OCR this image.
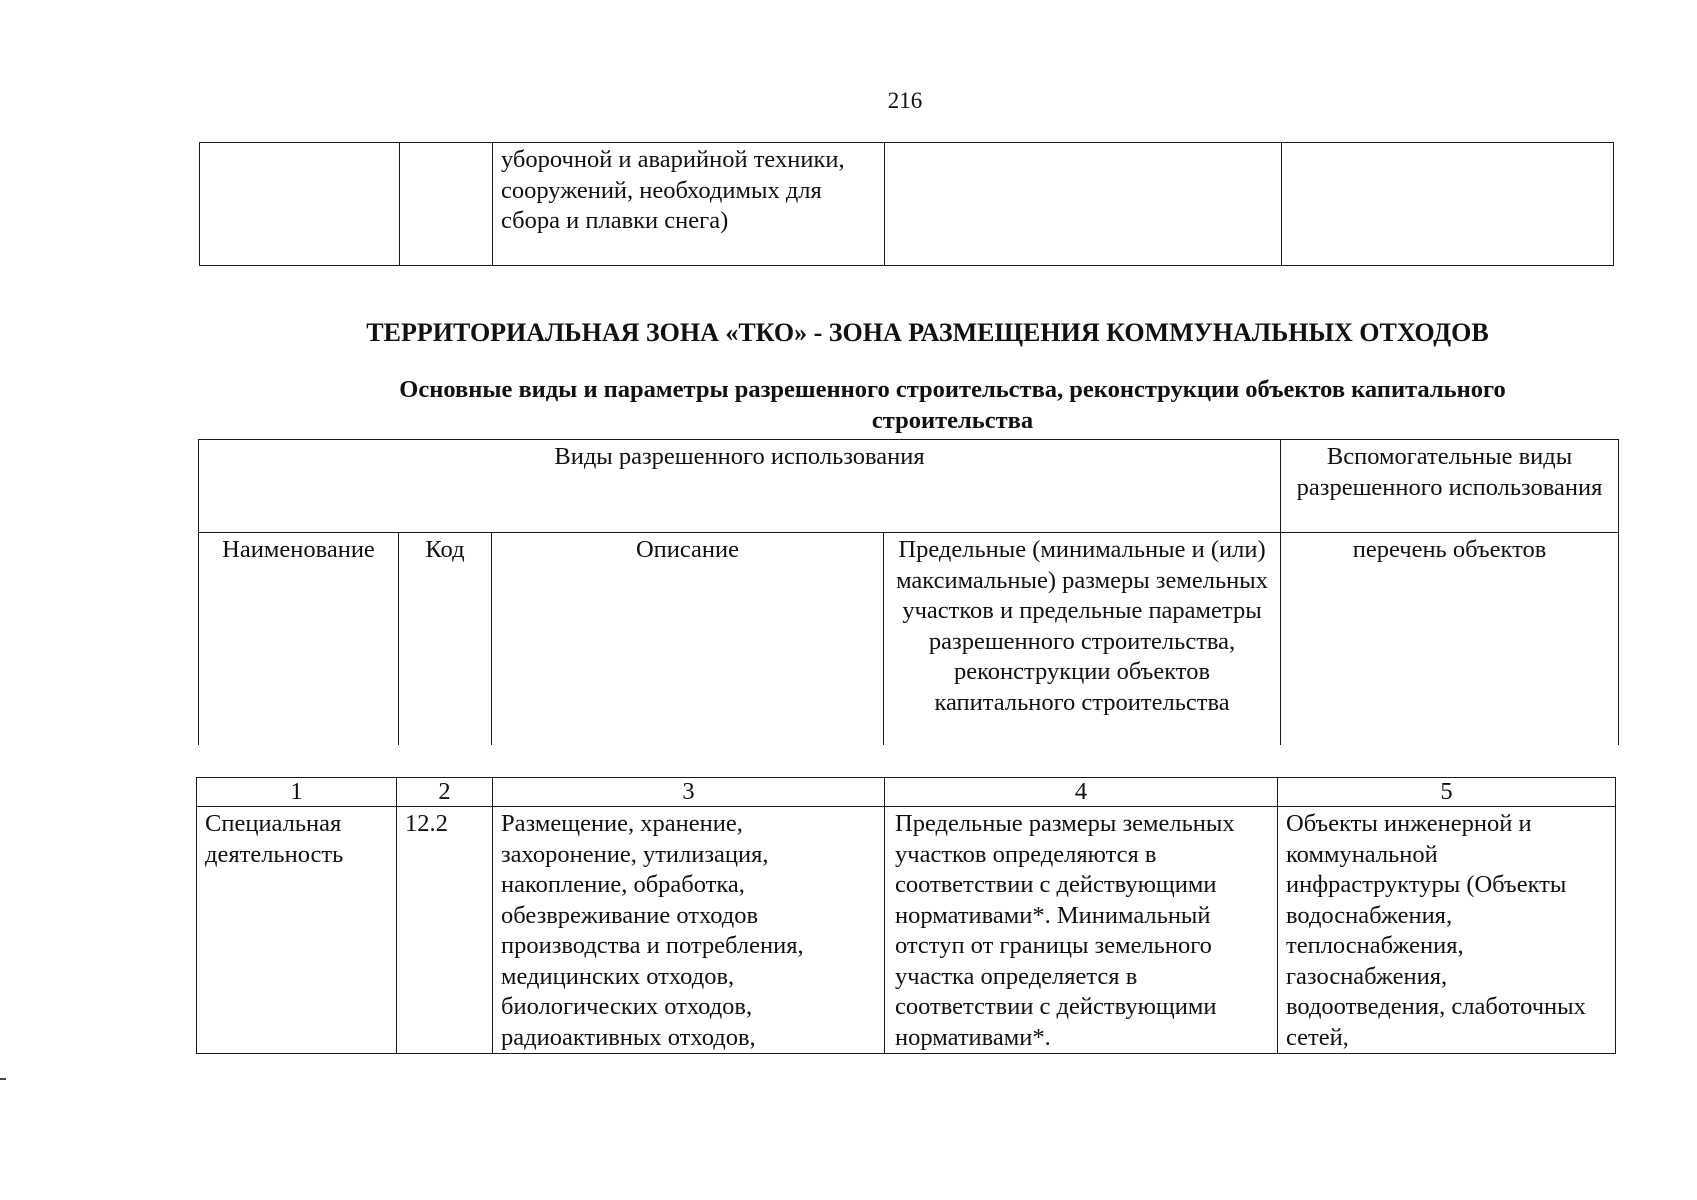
216
		уборочной и аварийной техники, сооружений, необходимых для сбора и плавки снега)		
ТЕРРИТОРИАЛЬНАЯ ЗОНА «ТКО» - ЗОНА РАЗМЕЩЕНИЯ КОММУНАЛЬНЫХ ОТХОДОВ
Основные виды и параметры разрешенного строительства, реконструкции объектов капитального строительства
Виды разрешенного использования				Вспомогательные виды разрешенного использования
Наименование	Код	Описание	Предельные (минимальные и (или) максимальные) размеры земельных участков и предельные параметры разрешенного строительства, реконструкции объектов капитального строительства	перечень объектов
1	2	3	4	5
Специальная деятельность	12.2	Размещение, хранение, захоронение, утилизация, накопление, обработка, обезвреживание отходов производства и потребления, медицинских отходов, биологических отходов, радиоактивных отходов,	Предельные размеры земельных участков определяются в соответствии с действующими нормативами*. Минимальный отступ от границы земельного участка определяется в соответствии с действующими нормативами*.	Объекты инженерной и коммунальной инфраструктуры (Объекты водоснабжения, теплоснабжения, газоснабжения, водоотведения, слаботочных сетей,
